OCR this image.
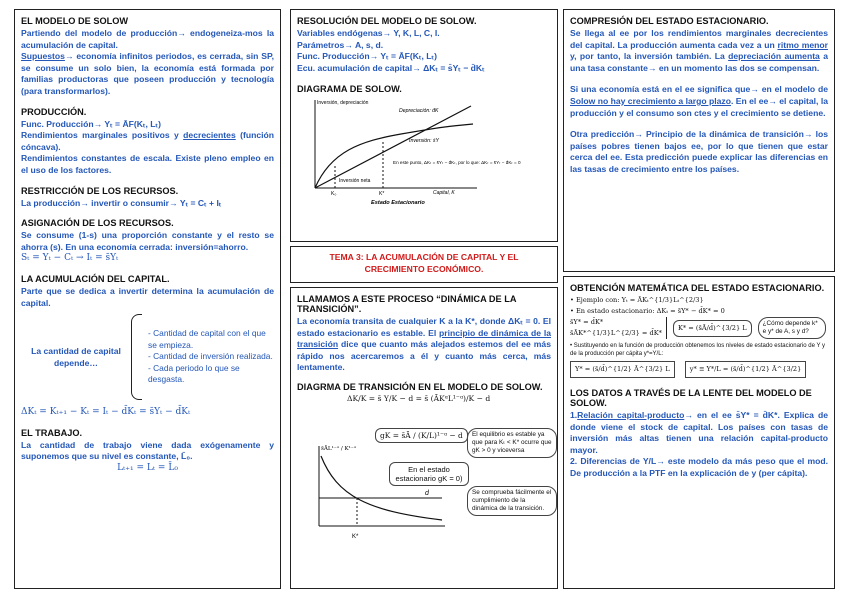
EL MODELO DE SOLOW

Partiendo del modelo de producción→ endogeneiza-mos la acumulación de capital.

Supuestos→ economía infinitos periodos, es cerrada, sin SP, se consume un solo bien, la economía está formada por familias productoras que poseen producción y tecnología (para transformarlos).

PRODUCCIÓN.

Func. Producción→ Yₜ = ĀF(Kₜ, Lₜ)

Rendimientos marginales positivos y decrecientes (función cóncava).

Rendimientos constantes de escala. Existe pleno empleo en el uso de los factores.

RESTRICCIÓN DE LOS RECURSOS.

La producción→ invertir o consumir→ Yₜ = Cₜ + Iₜ

ASIGNACIÓN DE LOS RECURSOS.

Se consume (1-s) una proporción constante y el resto se ahorra (s). En una economía cerrada: inversión=ahorro.

Sₜ = Yₜ − Cₜ → Iₜ = s̄Yₜ

LA ACUMULACIÓN DEL CAPITAL.

Parte que se dedica a invertir determina la acumulación de capital.

La cantidad de capital depende…
- Cantidad de capital con el que se empieza.
- Cantidad de inversión realizada.
- Cada periodo lo que se desgasta.

ΔKₜ = Kₜ₊₁ − Kₜ = Iₜ − d̄Kₜ = s̄Yₜ − d̄Kₜ

EL TRABAJO.

La cantidad de trabajo viene dada exógenamente y suponemos que su nivel es constante, L̄₀.

Lₜ₊₁ = Lₜ = L̄₀

RESOLUCIÓN DEL MODELO DE SOLOW.

Variables endógenas→ Y, K, L, C, I.

Parámetros→ A, s, d.

Func. Producción→ Yₜ = ĀF(Kₜ, Lₜ)

Ecu. acumulación de capital→ ΔKₜ = s̄Yₜ − d̄Kₜ

DIAGRAMA DE SOLOW.
Inversión, depreciación
Depreciación: d̄K
Inversión: s̄Y
Inversión neta
En este punto, ΔKₜ = s̄Yₜ − d̄Kₜ, por lo que: ΔKₜ = s̄Yₜ − d̄Kₜ = 0
Capital, K
K₀	K*
Estado Estacionario
TEMA 3: LA ACUMULACIÓN DE CAPITAL Y EL CRECIMIENTO ECONÓMICO.
LLAMAMOS A ESTE PROCESO “DINÁMICA DE LA TRANSICIÓN”.

La economía transita de cualquier K a la K*, donde ΔKₜ = 0. El estado estacionario es estable. El principio de dinámica de la transición dice que cuanto más alejados estemos del ee más rápido nos acercaremos a él y cuanto más cerca, más lentamente.

DIAGRMA DE TRANSICIÓN EN EL MODELO DE SOLOW.
ΔK/K = s̄ Y/K − d = s̄ (ĀKᵅL¹⁻ᵅ)/K − d
d
K*
s̄ĀL¹⁻ᵅ / K¹⁻ᵅ
gK = s̄Ā / (K/L)¹⁻ᵅ − d
En el estado estacionario gK = 0)
El equilibrio es estable ya que para Kₜ < K* ocurre que gK > 0 y viceversa
Se comprueba fácilmente el cumplimiento de la dinámica de la transición.
COMPRESIÓN DEL ESTADO ESTACIONARIO.

Se llega al ee por los rendimientos marginales decrecientes del capital. La producción aumenta cada vez a un ritmo menor y, por tanto, la inversión también. La depreciación aumenta a una tasa constante→ en un momento las dos se compensan.

Si una economía está en el ee significa que→ en el modelo de Solow no hay crecimiento a largo plazo. En el ee→ el capital, la producción y el consumo son ctes y el crecimiento se detiene.

Otra predicción→ Principio de la dinámica de transición→ los países pobres tienen bajos ee, por lo que tienen que estar cerca del ee. Esta predicción puede explicar las diferencias en las tasas de crecimiento entre los países.

OBTENCIÓN MATEMÁTICA DEL ESTADO ESTACIONARIO.
• Ejemplo con: Yₜ = ĀKₜ^{1/3}Lₜ^{2/3}
• En estado estacionario: ΔKₜ = s̄Y* − d̄K* = 0
s̄Y* = d̄K*
s̄ĀK*^{1/3}L^{2/3} = d̄K*
K* = (s̄Ā/d̄)^{3/2} L	¿Cómo depende k* e y* de A, s y d?
• Sustituyendo en la función de producción obtenemos los niveles de estado estacionario de Y y de la producción per cápita y*=Y/L:
Y* = (s̄/d̄)^{1/2} Ā^{3/2} L	y* ≡ Y*/L = (s̄/d̄)^{1/2} Ā^{3/2}
LOS DATOS A TRAVÉS DE LA LENTE DEL MODELO DE SOLOW.

1.Relación capital-producto→ en el ee s̄Y* = d̄K*. Explica de donde viene el stock de capital. Los países con tasas de inversión más altas tienen una relación capital-producto mayor.

2. Diferencias de Y/L→ este modelo da más peso que el mod. De producción a la PTF en la explicación de y (per cápita).
